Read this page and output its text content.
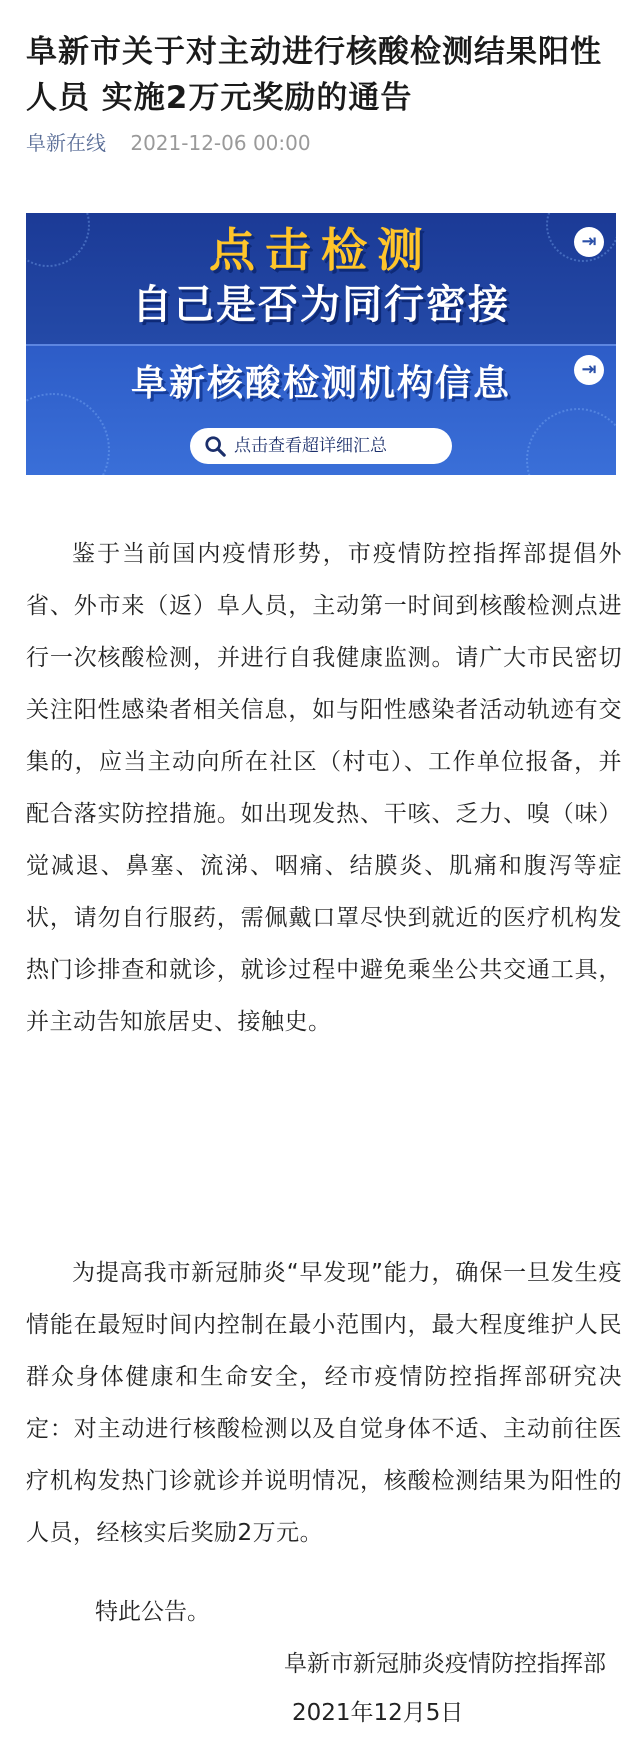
阜新市关于对主动进行核酸检测结果阳性人员 实施2万元奖励的通告
阜新在线 2021-12-06 00:00
点击检测
自己是否为同行密接
阜新核酸检测机构信息
⇥
⇥
点击查看超详细汇总

鉴于当前国内疫情形势，市疫情防控指挥部提倡外省、外市来（返）阜人员，主动第一时间到核酸检测点进行一次核酸检测，并进行自我健康监测。请广大市民密切关注阳性感染者相关信息，如与阳性感染者活动轨迹有交集的，应当主动向所在社区（村屯）、工作单位报备，并配合落实防控措施。如出现发热、干咳、乏力、嗅（味）觉减退、鼻塞、流涕、咽痛、结膜炎、肌痛和腹泻等症状，请勿自行服药，需佩戴口罩尽快到就近的医疗机构发热门诊排查和就诊，就诊过程中避免乘坐公共交通工具，并主动告知旅居史、接触史。

为提高我市新冠肺炎“早发现”能力，确保一旦发生疫情能在最短时间内控制在最小范围内，最大程度维护人民群众身体健康和生命安全，经市疫情防控指挥部研究决定：对主动进行核酸检测以及自觉身体不适、主动前往医疗机构发热门诊就诊并说明情况，核酸检测结果为阳性的人员，经核实后奖励2万元。

特此公告。
阜新市新冠肺炎疫情防控指挥部
2021年12月5日
